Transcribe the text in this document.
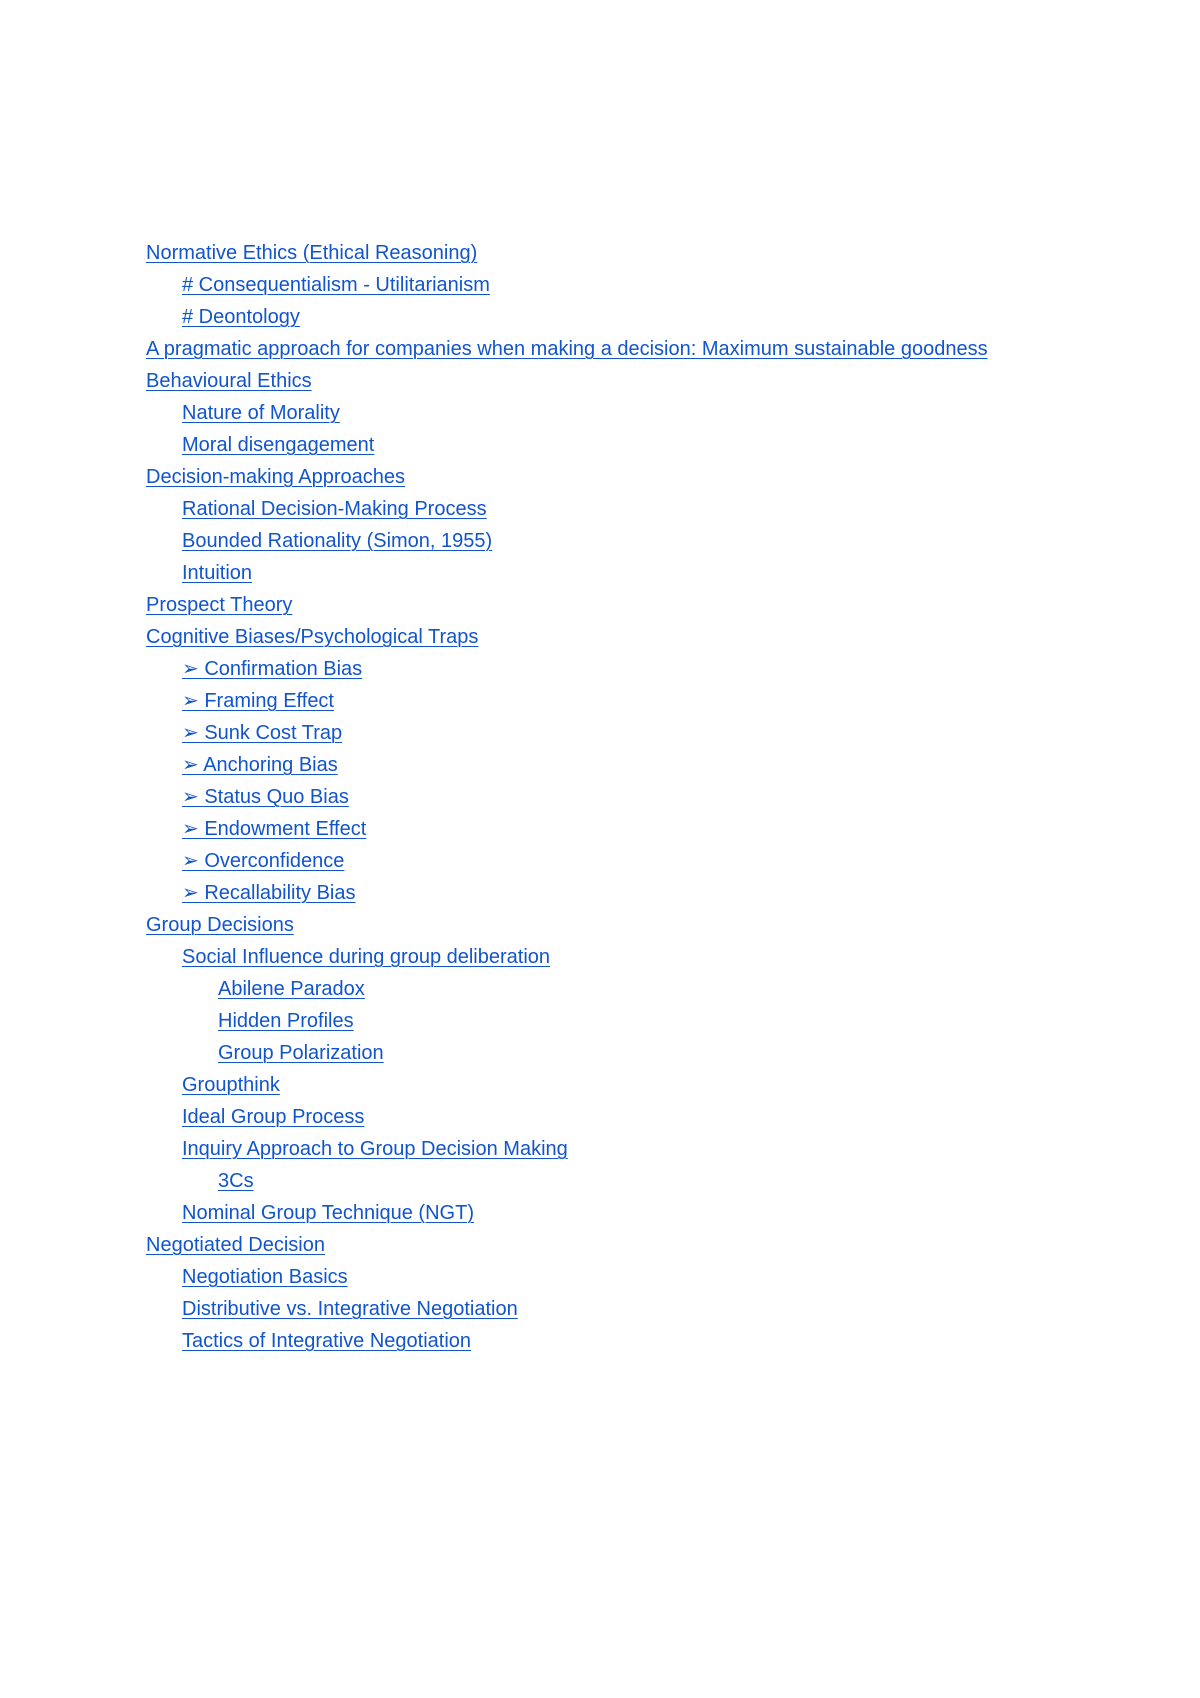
Normative Ethics (Ethical Reasoning)
# Consequentialism - Utilitarianism
# Deontology
A pragmatic approach for companies when making a decision: Maximum sustainable goodness
Behavioural Ethics
Nature of Morality
Moral disengagement
Decision-making Approaches
Rational Decision-Making Process
Bounded Rationality (Simon, 1955)
Intuition
Prospect Theory
Cognitive Biases/Psychological Traps
➢ Confirmation Bias
➢ Framing Effect
➢ Sunk Cost Trap
➢ Anchoring Bias
➢ Status Quo Bias
➢ Endowment Effect
➢ Overconfidence
➢ Recallability Bias
Group Decisions
Social Influence during group deliberation
Abilene Paradox
Hidden Profiles
Group Polarization
Groupthink
Ideal Group Process
Inquiry Approach to Group Decision Making
3Cs
Nominal Group Technique (NGT)
Negotiated Decision
Negotiation Basics
Distributive vs. Integrative Negotiation
Tactics of Integrative Negotiation
